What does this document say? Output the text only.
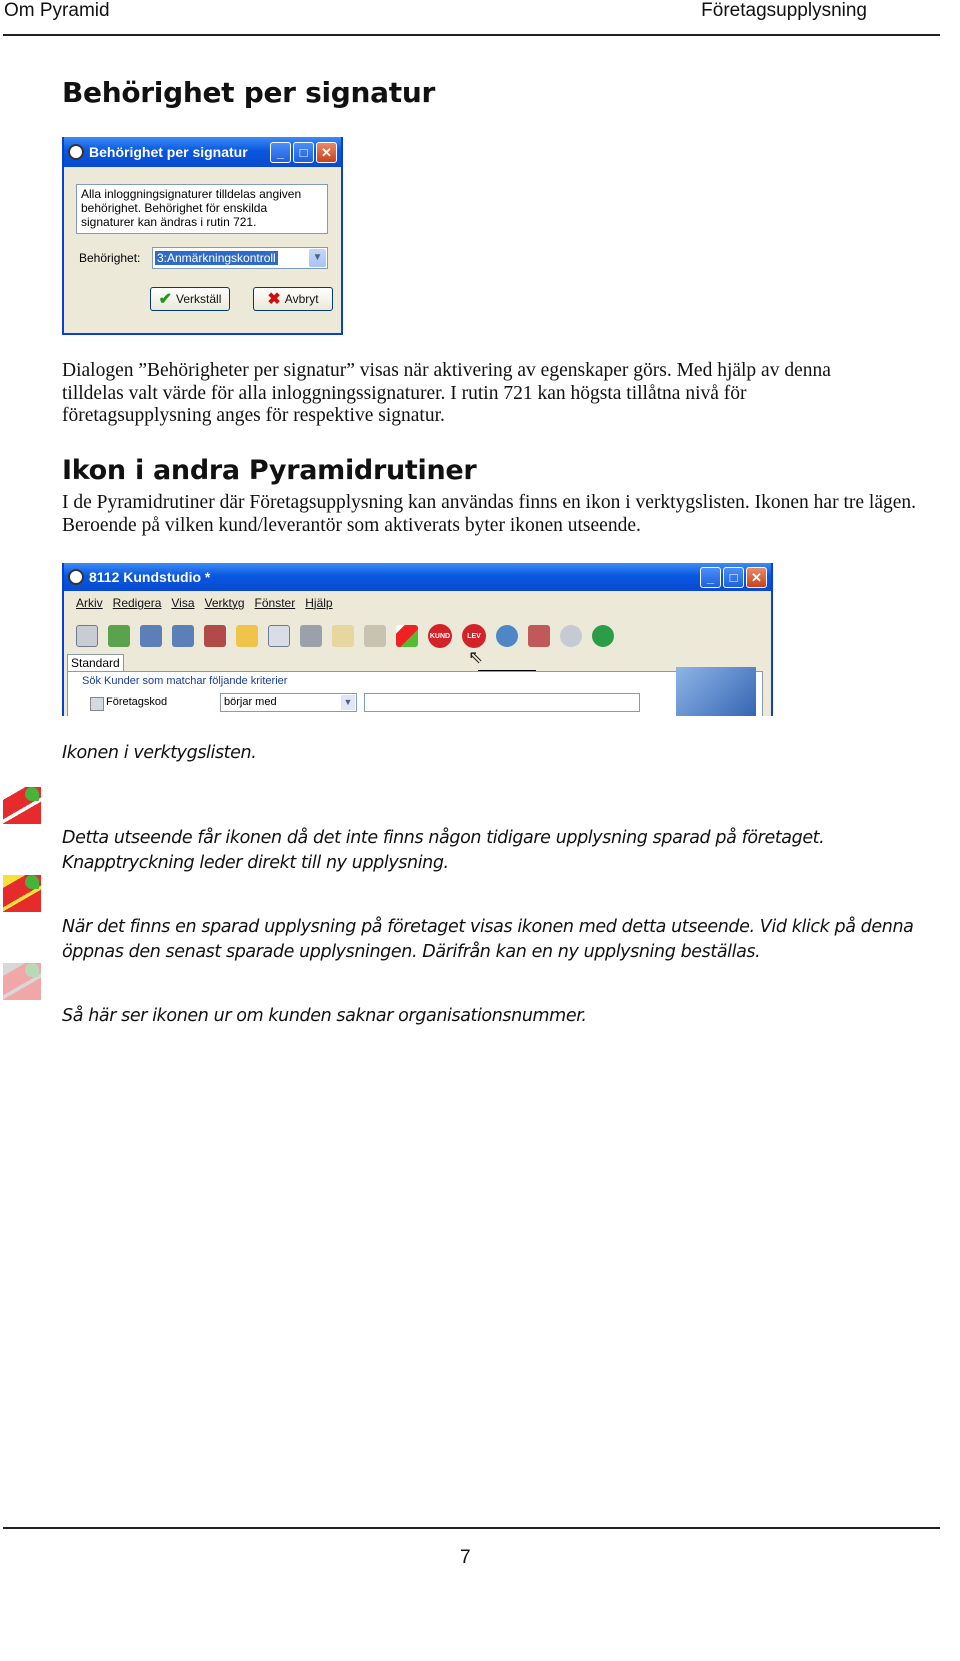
Om Pyramid	Företagsupplysning
Behörighet per signatur
Behörighet per signatur	_	□	✕
Alla inloggningsignaturer tilldelas angiven behörighet. Behörighet för enskilda signaturer kan ändras i rutin 721.
Behörighet: 3:Anmärkningskontroll	▼
✔ Verkställ	✖ Avbryt

Dialogen ”Behörigheter per signatur” visas när aktivering av egenskaper görs. Med hjälp av denna tilldelas valt värde för alla inloggningssignaturer. I rutin 721 kan högsta tillåtna nivå för företagsupplysning anges för respektive signatur.

Ikon i andra Pyramidrutiner

I de Pyramidrutiner där Företagsupplysning kan användas finns en ikon i verktygslisten. Ikonen har tre lägen. Beroende på vilken kund/leverantör som aktiverats byter ikonen utseende.

8112 Kundstudio *	_	□	✕
Arkiv Redigera Visa Verktyg Fönster Hjälp
KUND	LEV
⇖
Standard
Sök Kunder som matchar följande kriterier
Företagskod	börjar med	▼

Ikonen i verktygslisten.

Detta utseende får ikonen då det inte finns någon tidigare upplysning sparad på företaget. Knapptryckning leder direkt till ny upplysning.

När det finns en sparad upplysning på företaget visas ikonen med detta utseende. Vid klick på denna öppnas den senast sparade upplysningen. Därifrån kan en ny upplysning beställas.

Så här ser ikonen ur om kunden saknar organisationsnummer.

7
